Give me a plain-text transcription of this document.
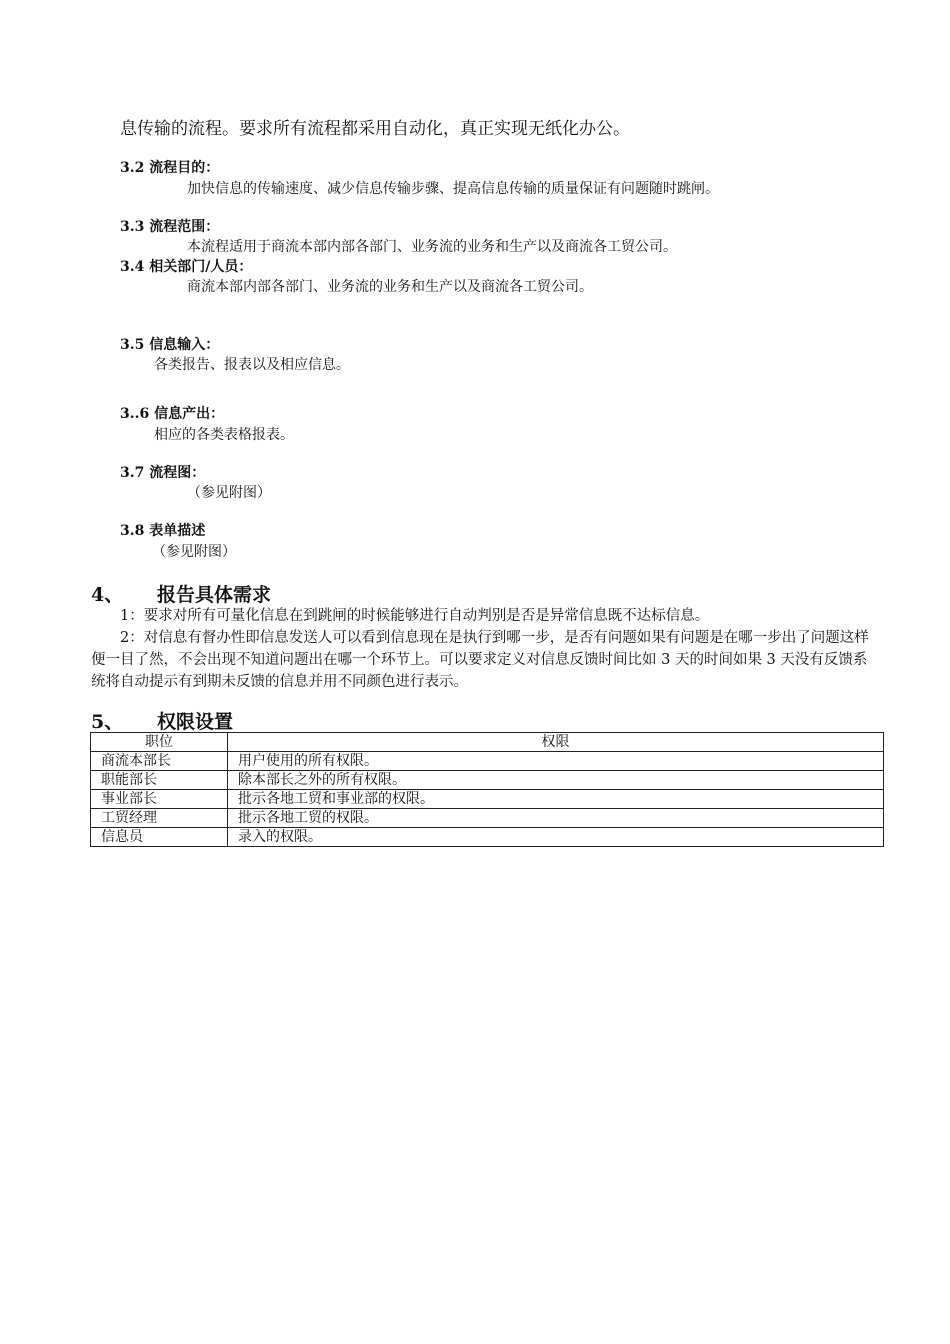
息传输的流程。要求所有流程都采用自动化，真正实现无纸化办公。
3.2 流程目的：
加快信息的传输速度、减少信息传输步骤、提高信息传输的质量保证有问题随时跳闸。
3.3 流程范围：
本流程适用于商流本部内部各部门、业务流的业务和生产以及商流各工贸公司。
3.4 相关部门/人员：
商流本部内部各部门、业务流的业务和生产以及商流各工贸公司。
3.5 信息输入：
各类报告、报表以及相应信息。
3..6 信息产出：
相应的各类表格报表。
3.7 流程图：
（参见附图）
3.8 表单描述
（参见附图）
4、 报告具体需求

1：要求对所有可量化信息在到跳闸的时候能够进行自动判别是否是异常信息既不达标信息。

2：对信息有督办性即信息发送人可以看到信息现在是执行到哪一步，是否有问题如果有问题是在哪一步出了问题这样便一目了然，不会出现不知道问题出在哪一个环节上。可以要求定义对信息反馈时间比如 3 天的时间如果 3 天没有反馈系统将自动提示有到期未反馈的信息并用不同颜色进行表示。

5、 权限设置
职位	权限
商流本部长	用户使用的所有权限。
职能部长	除本部长之外的所有权限。
事业部长	批示各地工贸和事业部的权限。
工贸经理	批示各地工贸的权限。
信息员	录入的权限。
